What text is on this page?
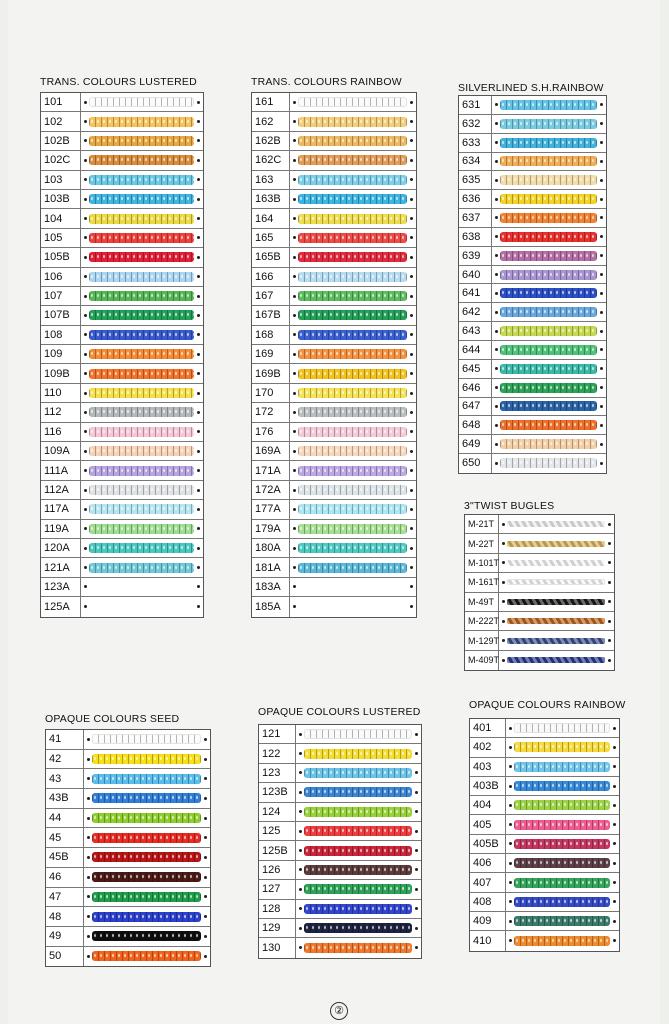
TRANS. COLOURS LUSTERED
101
102
102B
102C
103
103B
104
105
105B
106
107
107B
108
109
109B
110
112
116
109A
111A
112A
117A
119A
120A
121A
123A
125A
TRANS. COLOURS RAINBOW
161
162
162B
162C
163
163B
164
165
165B
166
167
167B
168
169
169B
170
172
176
169A
171A
172A
177A
179A
180A
181A
183A
185A
SILVERLINED S.H.RAINBOW
631
632
633
634
635
636
637
638
639
640
641
642
643
644
645
646
647
648
649
650
3"TWIST BUGLES
M-21T
M-22T
M-101T
M-161T
M-49T
M-222T
M-129T
M-409T
OPAQUE COLOURS SEED
41
42
43
43B
44
45
45B
46
47
48
49
50
OPAQUE COLOURS LUSTERED
121
122
123
123B
124
125
125B
126
127
128
129
130
OPAQUE COLOURS RAINBOW
401
402
403
403B
404
405
405B
406
407
408
409
410
②
